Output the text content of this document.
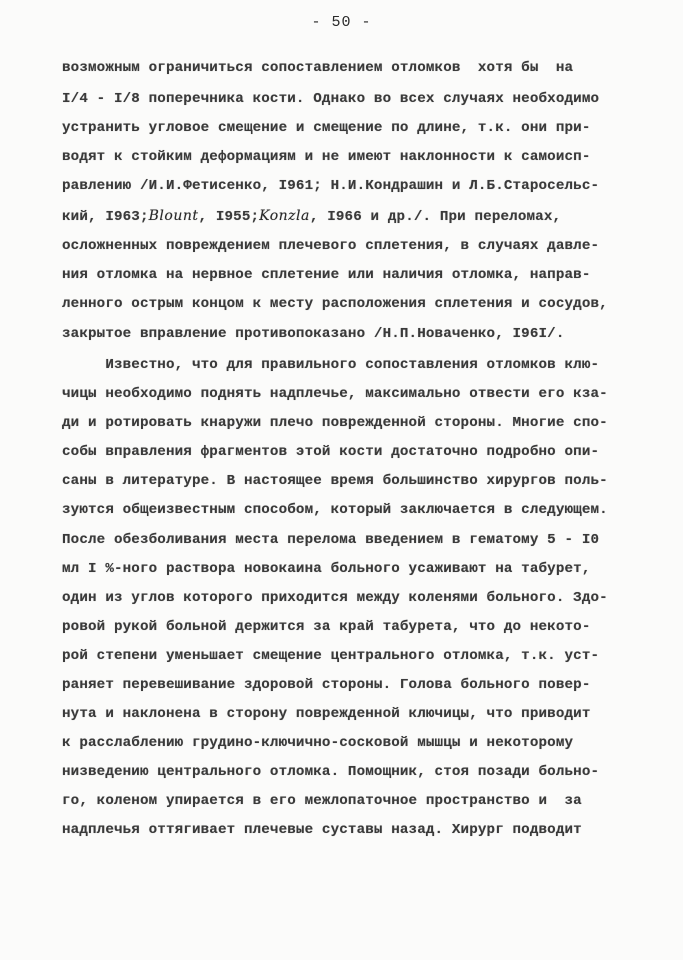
- 50 -
возможным ограничиться сопоставлением отломков  хотя бы  на
I/4 - I/8 поперечника кости. Однако во всех случаях необходимо
устранить угловое смещение и смещение по длине, т.к. они при-
водят к стойким деформациям и не имеют наклонности к самоисп-
равлению /И.И.Фетисенко, I961; Н.И.Кондрашин и Л.Б.Старосельс-
кий, I963;Blount, I955;Konzla, I966 и др./. При переломах,
осложненных повреждением плечевого сплетения, в случаях давле-
ния отломка на нервное сплетение или наличия отломка, направ-
ленного острым концом к месту расположения сплетения и сосудов,
закрытое вправление противопоказано /Н.П.Новаченко, I96I/.
Известно, что для правильного сопоставления отломков клю-
чицы необходимо поднять надплечье, максимально отвести его кза-
ди и ротировать кнаружи плечо поврежденной стороны. Многие спо-
собы вправления фрагментов этой кости достаточно подробно опи-
саны в литературе. В настоящее время большинство хирургов поль-
зуются общеизвестным способом, который заключается в следующем.
После обезболивания места перелома введением в гематому 5 - I0
мл I %-ного раствора новокаина больного усаживают на табурет,
один из углов которого приходится между коленями больного. Здо-
ровой рукой больной держится за край табурета, что до некото-
рой степени уменьшает смещение центрального отломка, т.к. уст-
раняет перевешивание здоровой стороны. Голова больного повер-
нута и наклонена в сторону поврежденной ключицы, что приводит
к расслаблению грудино-ключично-сосковой мышцы и некоторому
низведению центрального отломка. Помощник, стоя позади больно-
го, коленом упирается в его межлопаточное пространство и  за
надплечья оттягивает плечевые суставы назад. Хирург подводит
